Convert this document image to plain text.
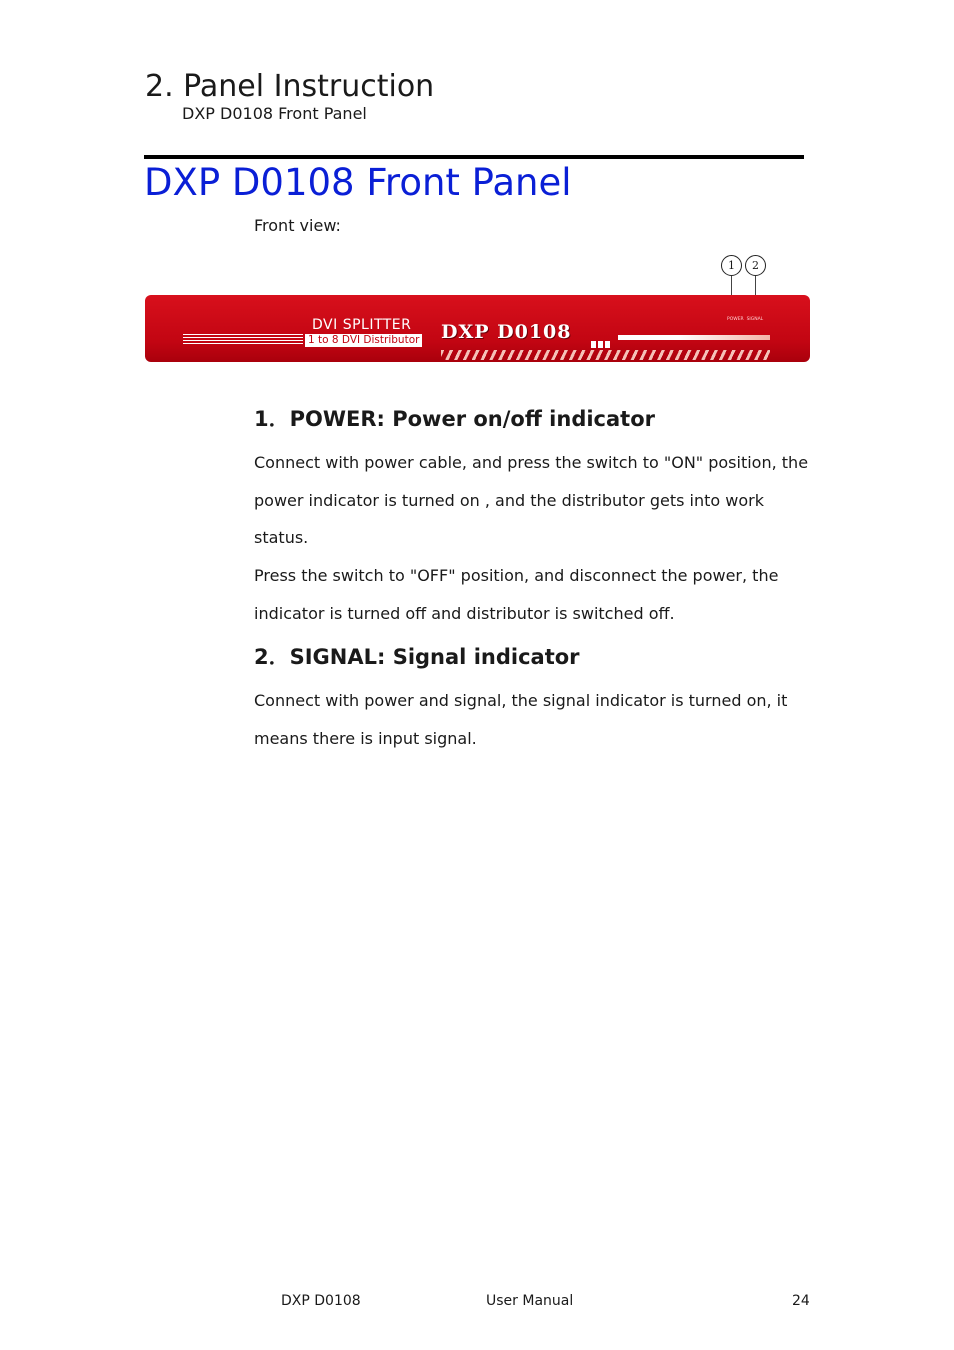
2. Panel Instruction
DXP D0108 Front Panel
DXP D0108 Front Panel
Front view:
1	2
DVI SPLITTER
1 to 8 DVI Distributor DXP D0108
POWER SIGNAL
1．POWER: Power on/off indicator
Connect with power cable, and press the switch to "ON" position, the power indicator is turned on , and the distributor gets into work status.
Press the switch to "OFF" position, and disconnect the power, the indicator is turned off and distributor is switched off.
2．SIGNAL: Signal indicator
Connect with power and signal, the signal indicator is turned on, it means there is input signal.
DXP D0108	User Manual	24
